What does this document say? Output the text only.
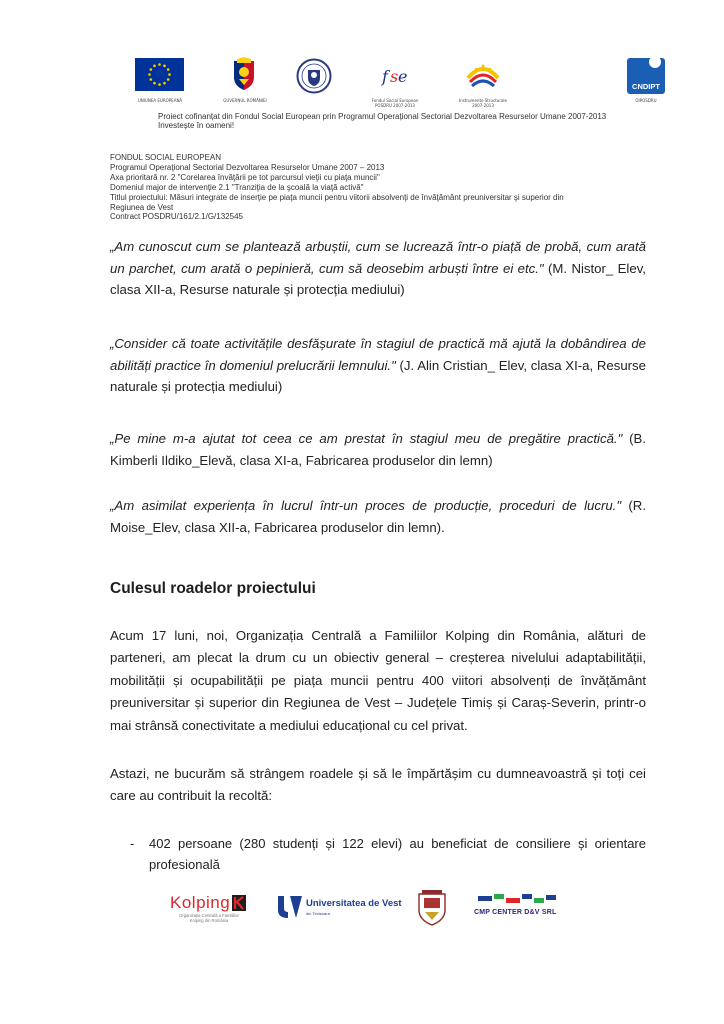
UNIUNEA EUROPEANĂ	GUVERNUL ROMÂNIEI
f s e
Fondul Social European
POSDRU 2007-2013
Instrumente Structurale
2007-2013
CNDIPT
OIPOSDRU
Proiect cofinanțat din Fondul Social European prin Programul Operațional Sectorial Dezvoltarea Resurselor Umane 2007-2013
Investește în oameni!
FONDUL SOCIAL EUROPEAN
Programul Operaţional Sectorial Dezvoltarea Resurselor Umane 2007 – 2013
Axa prioritară nr. 2 "Corelarea învăţării pe tot parcursul vieţii cu piaţa muncii"
Domeniul major de intervenţie 2.1 "Tranziţia de la şcoală la viaţă activă"
Titlul proiectului: Măsuri integrate de inserţie pe piaţa muncii pentru viitorii absolvenţi de învăţământ preuniversitar şi superior din
Regiunea de Vest
Contract POSDRU/161/2.1/G/132545
„Am cunoscut cum se plantează arbuștii, cum se lucrează într-o piață de probă, cum arată un parchet, cum arată o pepinieră, cum să deosebim arbuști între ei etc." (M. Nistor_ Elev, clasa XII-a, Resurse naturale și protecția mediului)
„Consider că toate activitățile desfășurate în stagiul de practică mă ajută la dobândirea de abilități practice în domeniul prelucrării lemnului." (J. Alin Cristian_ Elev, clasa XI-a, Resurse naturale și protecția mediului)
„Pe mine m-a ajutat tot ceea ce am prestat în stagiul meu de pregătire practică." (B. Kimberli Ildiko_Elevă, clasa XI-a, Fabricarea produselor din lemn)
„Am asimilat experiența în lucrul într-un proces de producție, proceduri de lucru." (R. Moise_Elev, clasa XII-a, Fabricarea produselor din lemn).
Culesul roadelor proiectului
Acum 17 luni, noi, Organizația Centrală a Familiilor Kolping din România, alături de parteneri, am plecat la drum cu un obiectiv general – creșterea nivelului adaptabilității, mobilității și ocupabilității pe piața muncii pentru 400 viitori absolvenți de învățământ preuniversitar și superior din Regiunea de Vest – Județele Timiș și Caraș-Severin, printr-o mai strânsă conectivitate a mediului educațional cu cel privat.
Astazi, ne bucurăm să strângem roadele și să le împărtășim cu dumneavoastră și toți cei care au contribuit la recoltă:
- 402 persoane (280 studenți și 122 elevi) au beneficiat de consiliere și orientare profesională
Kolping
Organizația Centrală a Familiilor
Kolping din România
Universitatea de Vest
din Timișoara	CMP CENTER D&V SRL
